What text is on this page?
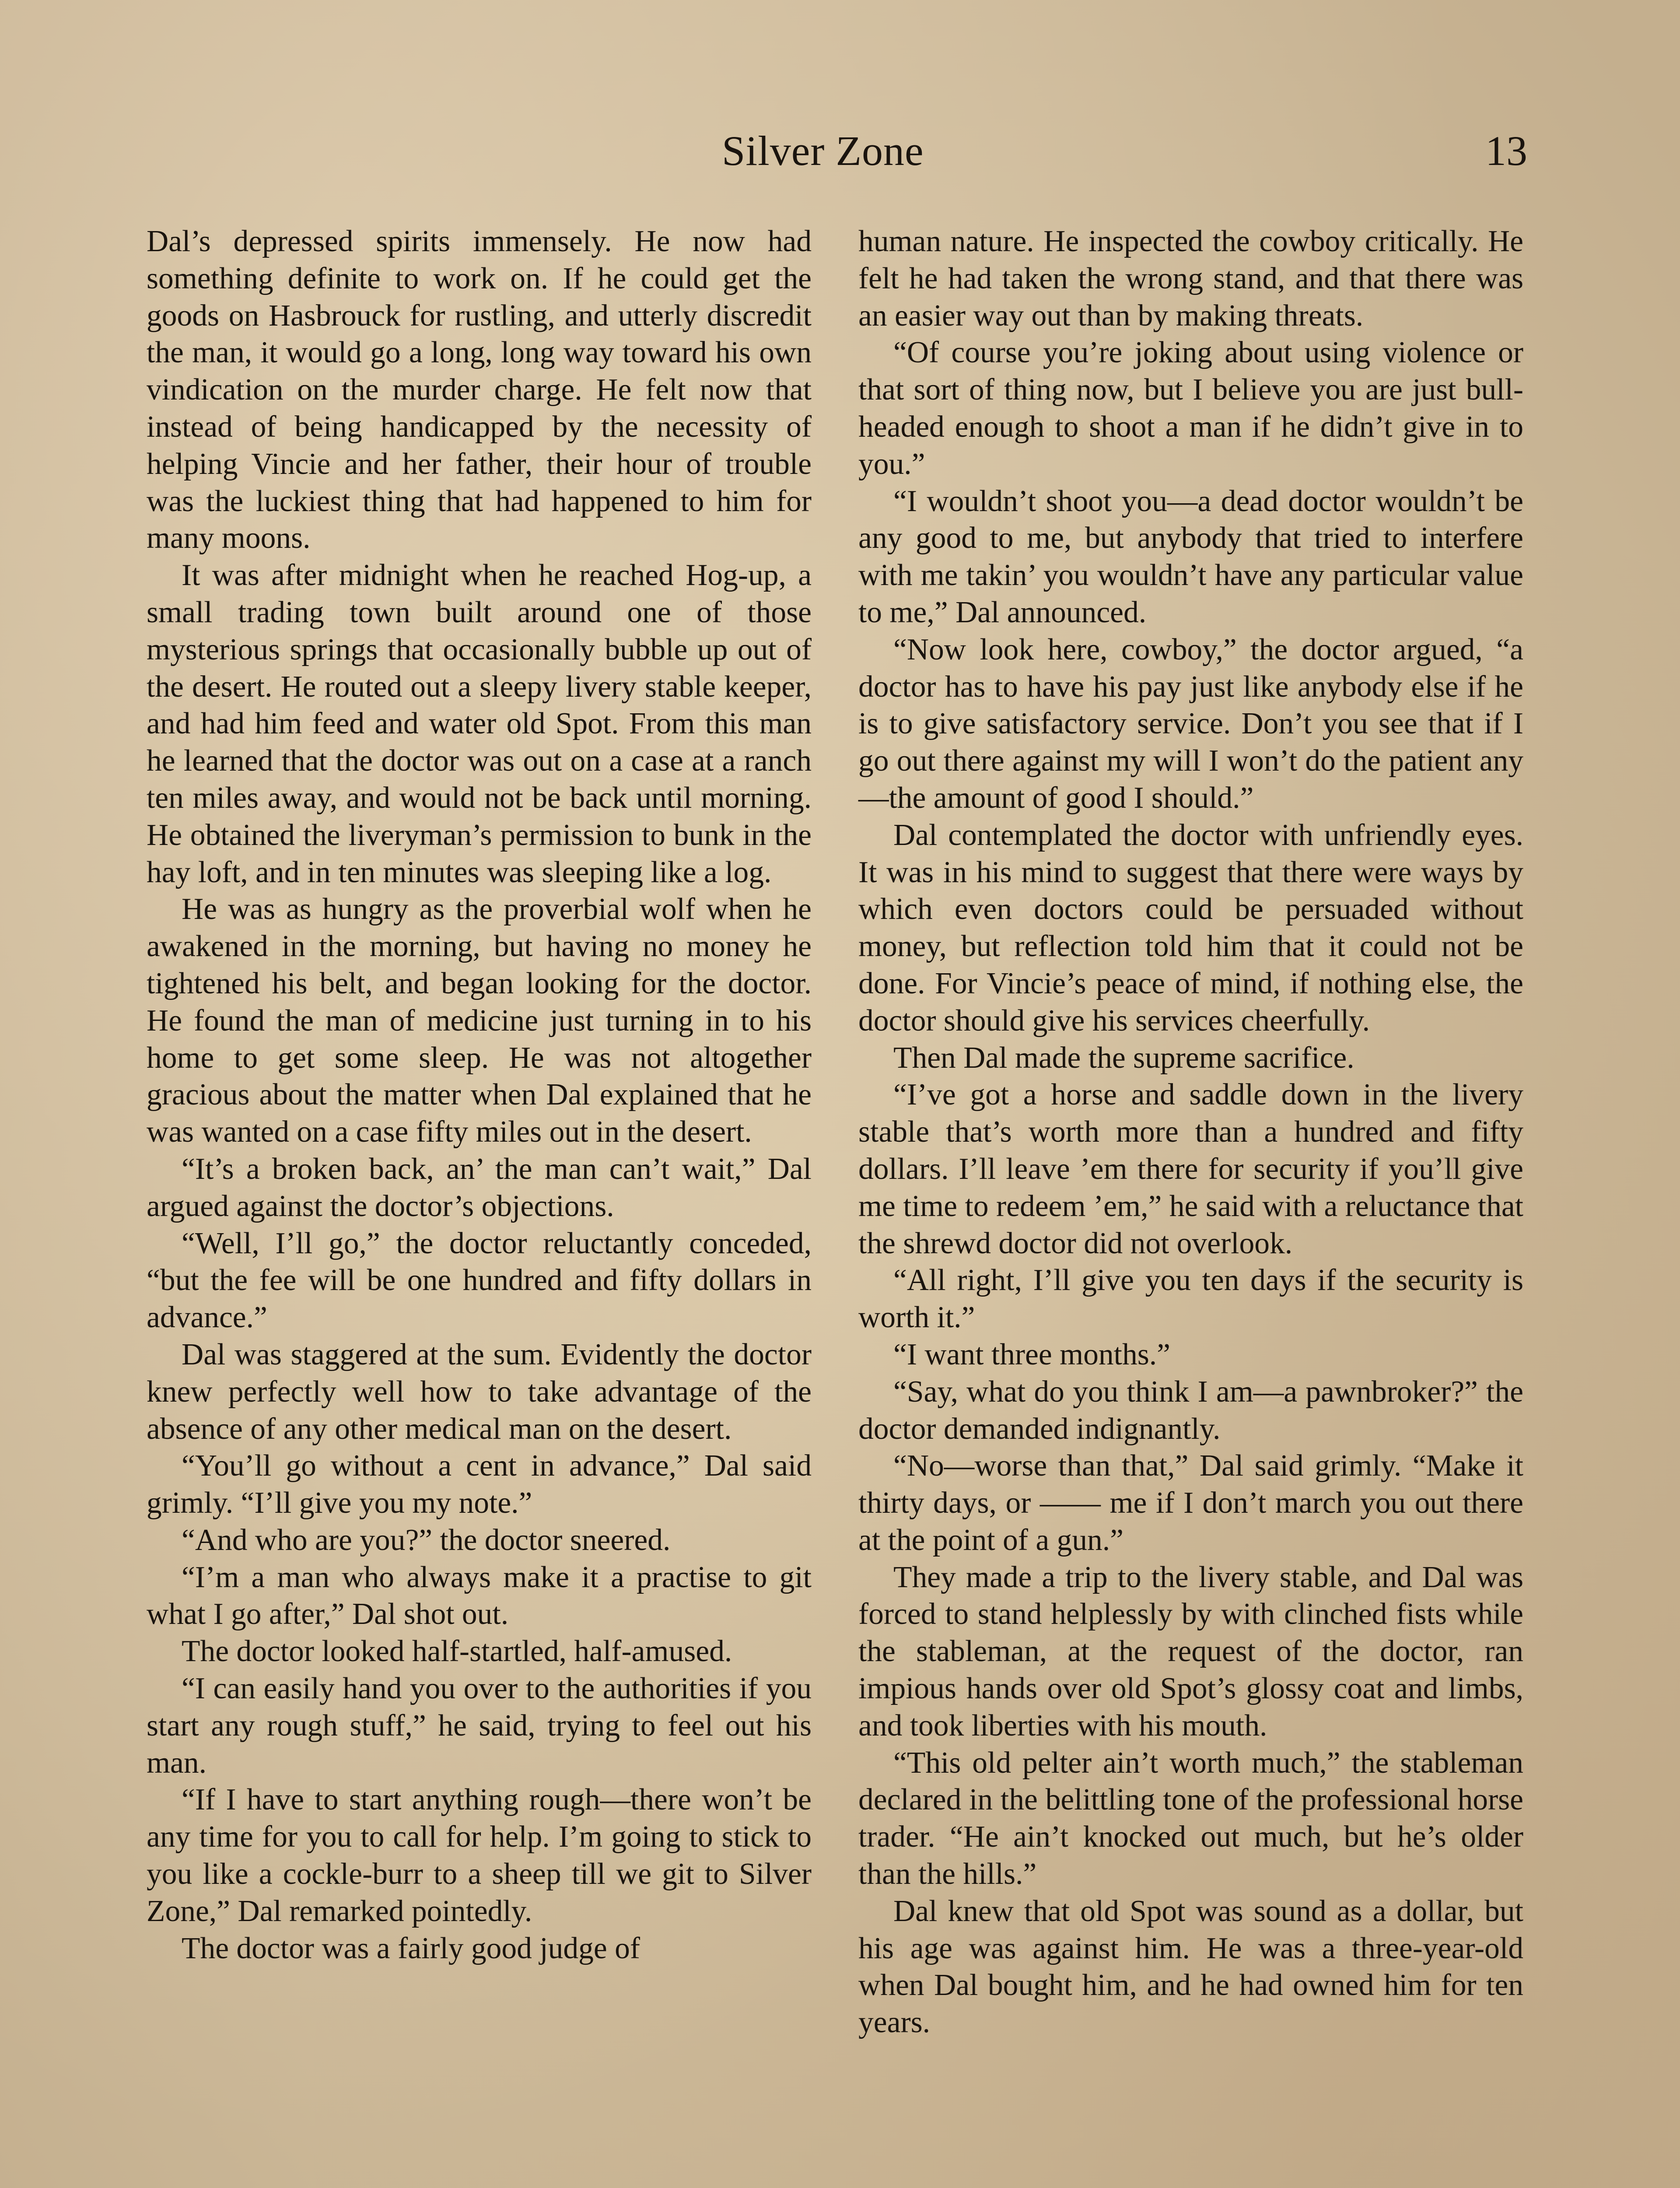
Silver Zone	13

Dal’s depressed spirits immensely. He now had something definite to work on. If he could get the goods on Hasbrouck for rustling, and utterly discredit the man, it would go a long, long way toward his own vindication on the murder charge. He felt now that instead of being handicapped by the necessity of helping Vincie and her father, their hour of trouble was the luckiest thing that had happened to him for many moons.

It was after midnight when he reached Hog-up, a small trading town built around one of those mysterious springs that occasionally bubble up out of the desert. He routed out a sleepy livery stable keeper, and had him feed and water old Spot. From this man he learned that the doctor was out on a case at a ranch ten miles away, and would not be back until morning. He obtained the liveryman’s permission to bunk in the hay loft, and in ten minutes was sleeping like a log.

He was as hungry as the proverbial wolf when he awakened in the morning, but having no money he tightened his belt, and began looking for the doctor. He found the man of medicine just turning in to his home to get some sleep. He was not altogether gracious about the matter when Dal explained that he was wanted on a case fifty miles out in the desert.

“It’s a broken back, an’ the man can’t wait,” Dal argued against the doctor’s objections.

“Well, I’ll go,” the doctor reluctantly conceded, “but the fee will be one hundred and fifty dollars in advance.”

Dal was staggered at the sum. Evidently the doctor knew perfectly well how to take advantage of the absence of any other medical man on the desert.

“You’ll go without a cent in advance,” Dal said grimly. “I’ll give you my note.”

“And who are you?” the doctor sneered.

“I’m a man who always make it a practise to git what I go after,” Dal shot out.

The doctor looked half-startled, half-amused.

“I can easily hand you over to the authorities if you start any rough stuff,” he said, trying to feel out his man.

“If I have to start anything rough—there won’t be any time for you to call for help. I’m going to stick to you like a cockle-burr to a sheep till we git to Silver Zone,” Dal remarked pointedly.

The doctor was a fairly good judge of

human nature. He inspected the cowboy critically. He felt he had taken the wrong stand, and that there was an easier way out than by making threats.

“Of course you’re joking about using violence or that sort of thing now, but I believe you are just bull-headed enough to shoot a man if he didn’t give in to you.”

“I wouldn’t shoot you—a dead doctor wouldn’t be any good to me, but anybody that tried to interfere with me takin’ you wouldn’t have any particular value to me,” Dal announced.

“Now look here, cowboy,” the doctor argued, “a doctor has to have his pay just like anybody else if he is to give satisfactory service. Don’t you see that if I go out there against my will I won’t do the patient any—the amount of good I should.”

Dal contemplated the doctor with unfriendly eyes. It was in his mind to suggest that there were ways by which even doctors could be persuaded without money, but reflection told him that it could not be done. For Vincie’s peace of mind, if nothing else, the doctor should give his services cheerfully.

Then Dal made the supreme sacrifice.

“I’ve got a horse and saddle down in the livery stable that’s worth more than a hundred and fifty dollars. I’ll leave ’em there for security if you’ll give me time to redeem ’em,” he said with a reluctance that the shrewd doctor did not overlook.

“All right, I’ll give you ten days if the security is worth it.”

“I want three months.”

“Say, what do you think I am—a pawnbroker?” the doctor demanded indignantly.

“No—worse than that,” Dal said grimly. “Make it thirty days, or —— me if I don’t march you out there at the point of a gun.”

They made a trip to the livery stable, and Dal was forced to stand helplessly by with clinched fists while the stableman, at the request of the doctor, ran impious hands over old Spot’s glossy coat and limbs, and took liberties with his mouth.

“This old pelter ain’t worth much,” the stableman declared in the belittling tone of the professional horse trader. “He ain’t knocked out much, but he’s older than the hills.”

Dal knew that old Spot was sound as a dollar, but his age was against him. He was a three-year-old when Dal bought him, and he had owned him for ten years.
